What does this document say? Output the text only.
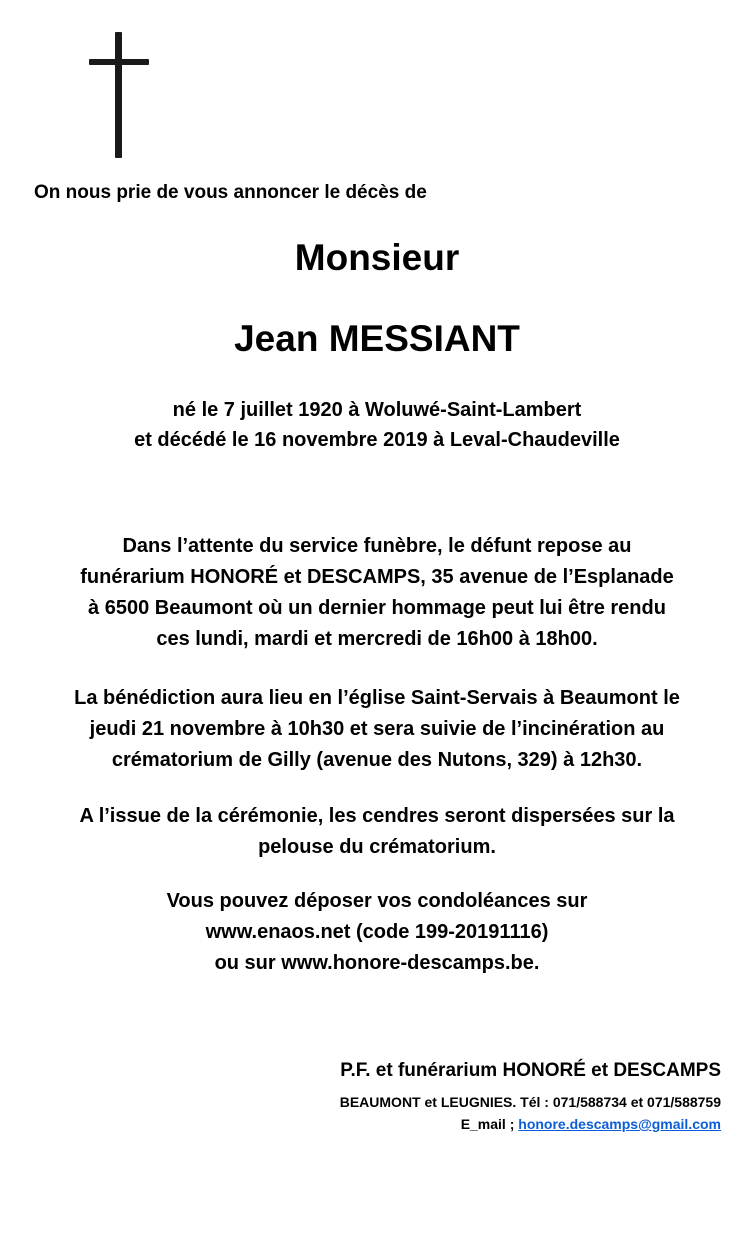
On nous prie de vous annoncer le décès de
Monsieur
Jean MESSIANT
né le 7 juillet 1920 à Woluwé-Saint-Lambert
et décédé le 16 novembre 2019 à Leval-Chaudeville
Dans l’attente du service funèbre, le défunt repose au
funérarium HONORÉ et DESCAMPS, 35 avenue de l’Esplanade
à 6500 Beaumont où un dernier hommage peut lui être rendu
ces lundi, mardi et mercredi de 16h00 à 18h00.
La bénédiction aura lieu en l’église Saint-Servais à Beaumont le
jeudi 21 novembre à 10h30 et sera suivie de l’incinération au
crématorium de Gilly (avenue des Nutons, 329) à 12h30.
A l’issue de la cérémonie, les cendres seront dispersées sur la
pelouse du crématorium.
Vous pouvez déposer vos condoléances sur
www.enaos.net (code 199-20191116)
ou sur www.honore-descamps.be.
P.F. et funérarium HONORÉ et DESCAMPS
BEAUMONT et LEUGNIES. Tél : 071/588734 et 071/588759
E_mail ; honore.descamps@gmail.com
